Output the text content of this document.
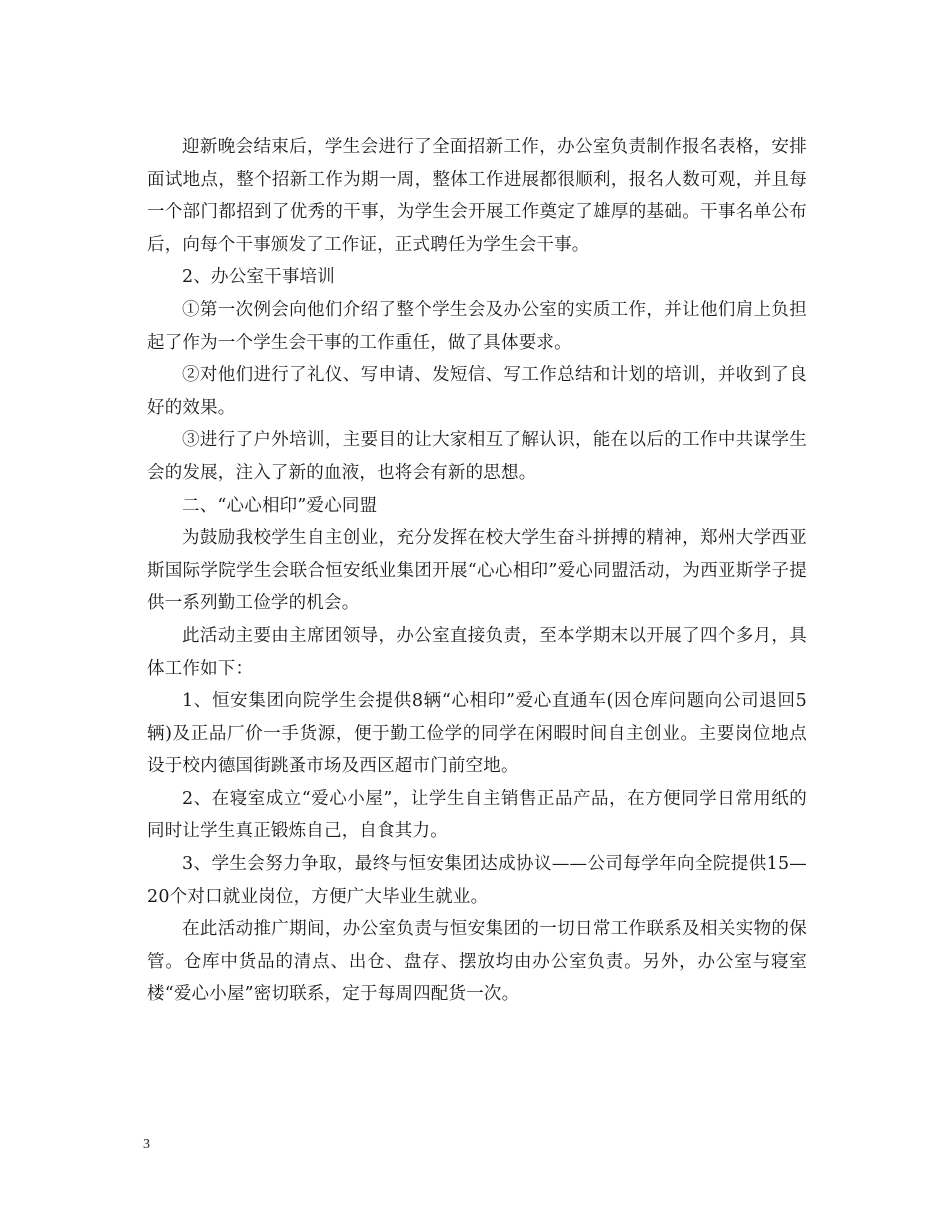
迎新晚会结束后，学生会进行了全面招新工作，办公室负责制作报名表格，安排面试地点，整个招新工作为期一周，整体工作进展都很顺利，报名人数可观，并且每一个部门都招到了优秀的干事，为学生会开展工作奠定了雄厚的基础。干事名单公布后，向每个干事颁发了工作证，正式聘任为学生会干事。

2、办公室干事培训

①第一次例会向他们介绍了整个学生会及办公室的实质工作，并让他们肩上负担起了作为一个学生会干事的工作重任，做了具体要求。

②对他们进行了礼仪、写申请、发短信、写工作总结和计划的培训，并收到了良好的效果。

③进行了户外培训，主要目的让大家相互了解认识，能在以后的工作中共谋学生会的发展，注入了新的血液，也将会有新的思想。

二、“心心相印”爱心同盟

为鼓励我校学生自主创业，充分发挥在校大学生奋斗拼搏的精神，郑州大学西亚斯国际学院学生会联合恒安纸业集团开展“心心相印”爱心同盟活动，为西亚斯学子提供一系列勤工俭学的机会。

此活动主要由主席团领导，办公室直接负责，至本学期末以开展了四个多月，具体工作如下：

1、恒安集团向院学生会提供8辆“心相印”爱心直通车(因仓库问题向公司退回5辆)及正品厂价一手货源，便于勤工俭学的同学在闲暇时间自主创业。主要岗位地点设于校内德国街跳蚤市场及西区超市门前空地。

2、在寝室成立“爱心小屋”，让学生自主销售正品产品，在方便同学日常用纸的同时让学生真正锻炼自己，自食其力。

3、学生会努力争取，最终与恒安集团达成协议——公司每学年向全院提供15—20个对口就业岗位，方便广大毕业生就业。

在此活动推广期间，办公室负责与恒安集团的一切日常工作联系及相关实物的保管。仓库中货品的清点、出仓、盘存、摆放均由办公室负责。另外，办公室与寝室楼“爱心小屋”密切联系，定于每周四配货一次。

3
